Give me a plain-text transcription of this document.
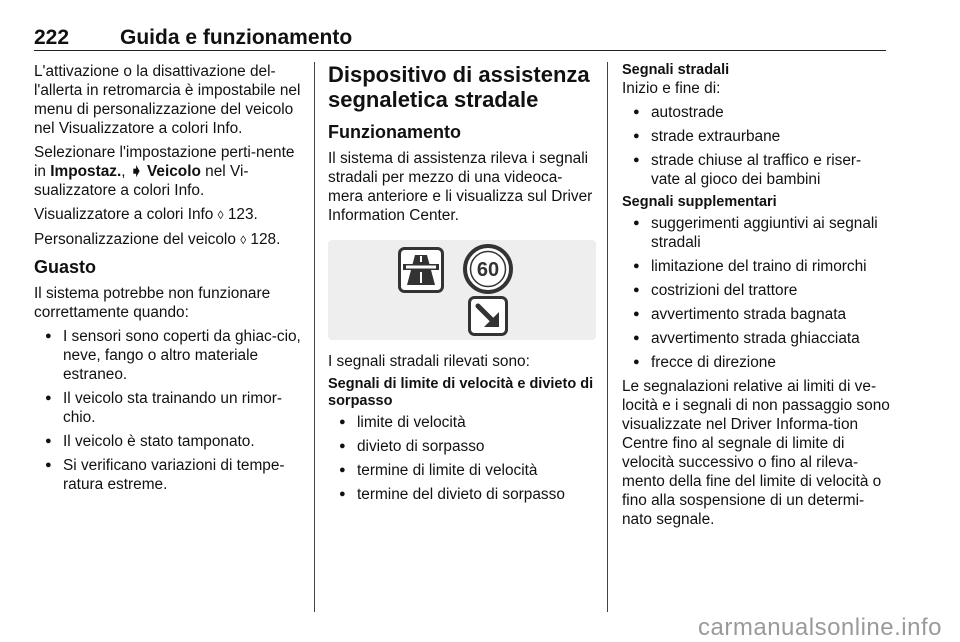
222 Guida e funzionamento

L'attivazione o la disattivazione del-l'allerta in retromarcia è impostabile nel menu di personalizzazione del veicolo nel Visualizzatore a colori Info.

Selezionare l'impostazione perti-nente in Impostaz., ➧ Veicolo nel Vi-sualizzatore a colori Info.

Visualizzatore a colori Info ◊ 123.

Personalizzazione del veicolo ◊ 128.

Guasto

Il sistema potrebbe non funzionare correttamente quando:

● I sensori sono coperti da ghiac-cio, neve, fango o altro materiale estraneo.
● Il veicolo sta trainando un rimor-chio.
● Il veicolo è stato tamponato.
● Si verificano variazioni di tempe-ratura estreme.
Dispositivo di assistenza segnaletica stradale
Funzionamento

Il sistema di assistenza rileva i segnali stradali per mezzo di una videoca-mera anteriore e li visualizza sul Driver Information Center.

60

I segnali stradali rilevati sono:

Segnali di limite di velocità e divieto di sorpasso
● limite di velocità
● divieto di sorpasso
● termine di limite di velocità
● termine del divieto di sorpasso
Segnali stradali

Inizio e fine di:

● autostrade
● strade extraurbane
● strade chiuse al traffico e riser-vate al gioco dei bambini
Segnali supplementari
● suggerimenti aggiuntivi ai segnali stradali
● limitazione del traino di rimorchi
● costrizioni del trattore
● avvertimento strada bagnata
● avvertimento strada ghiacciata
● frecce di direzione

Le segnalazioni relative ai limiti di ve-locità e i segnali di non passaggio sono visualizzate nel Driver Informa-tion Centre fino al segnale di limite di velocità successivo o fino al rileva-mento della fine del limite di velocità o fino alla sospensione di un determi-nato segnale.

carmanualsonline.info
